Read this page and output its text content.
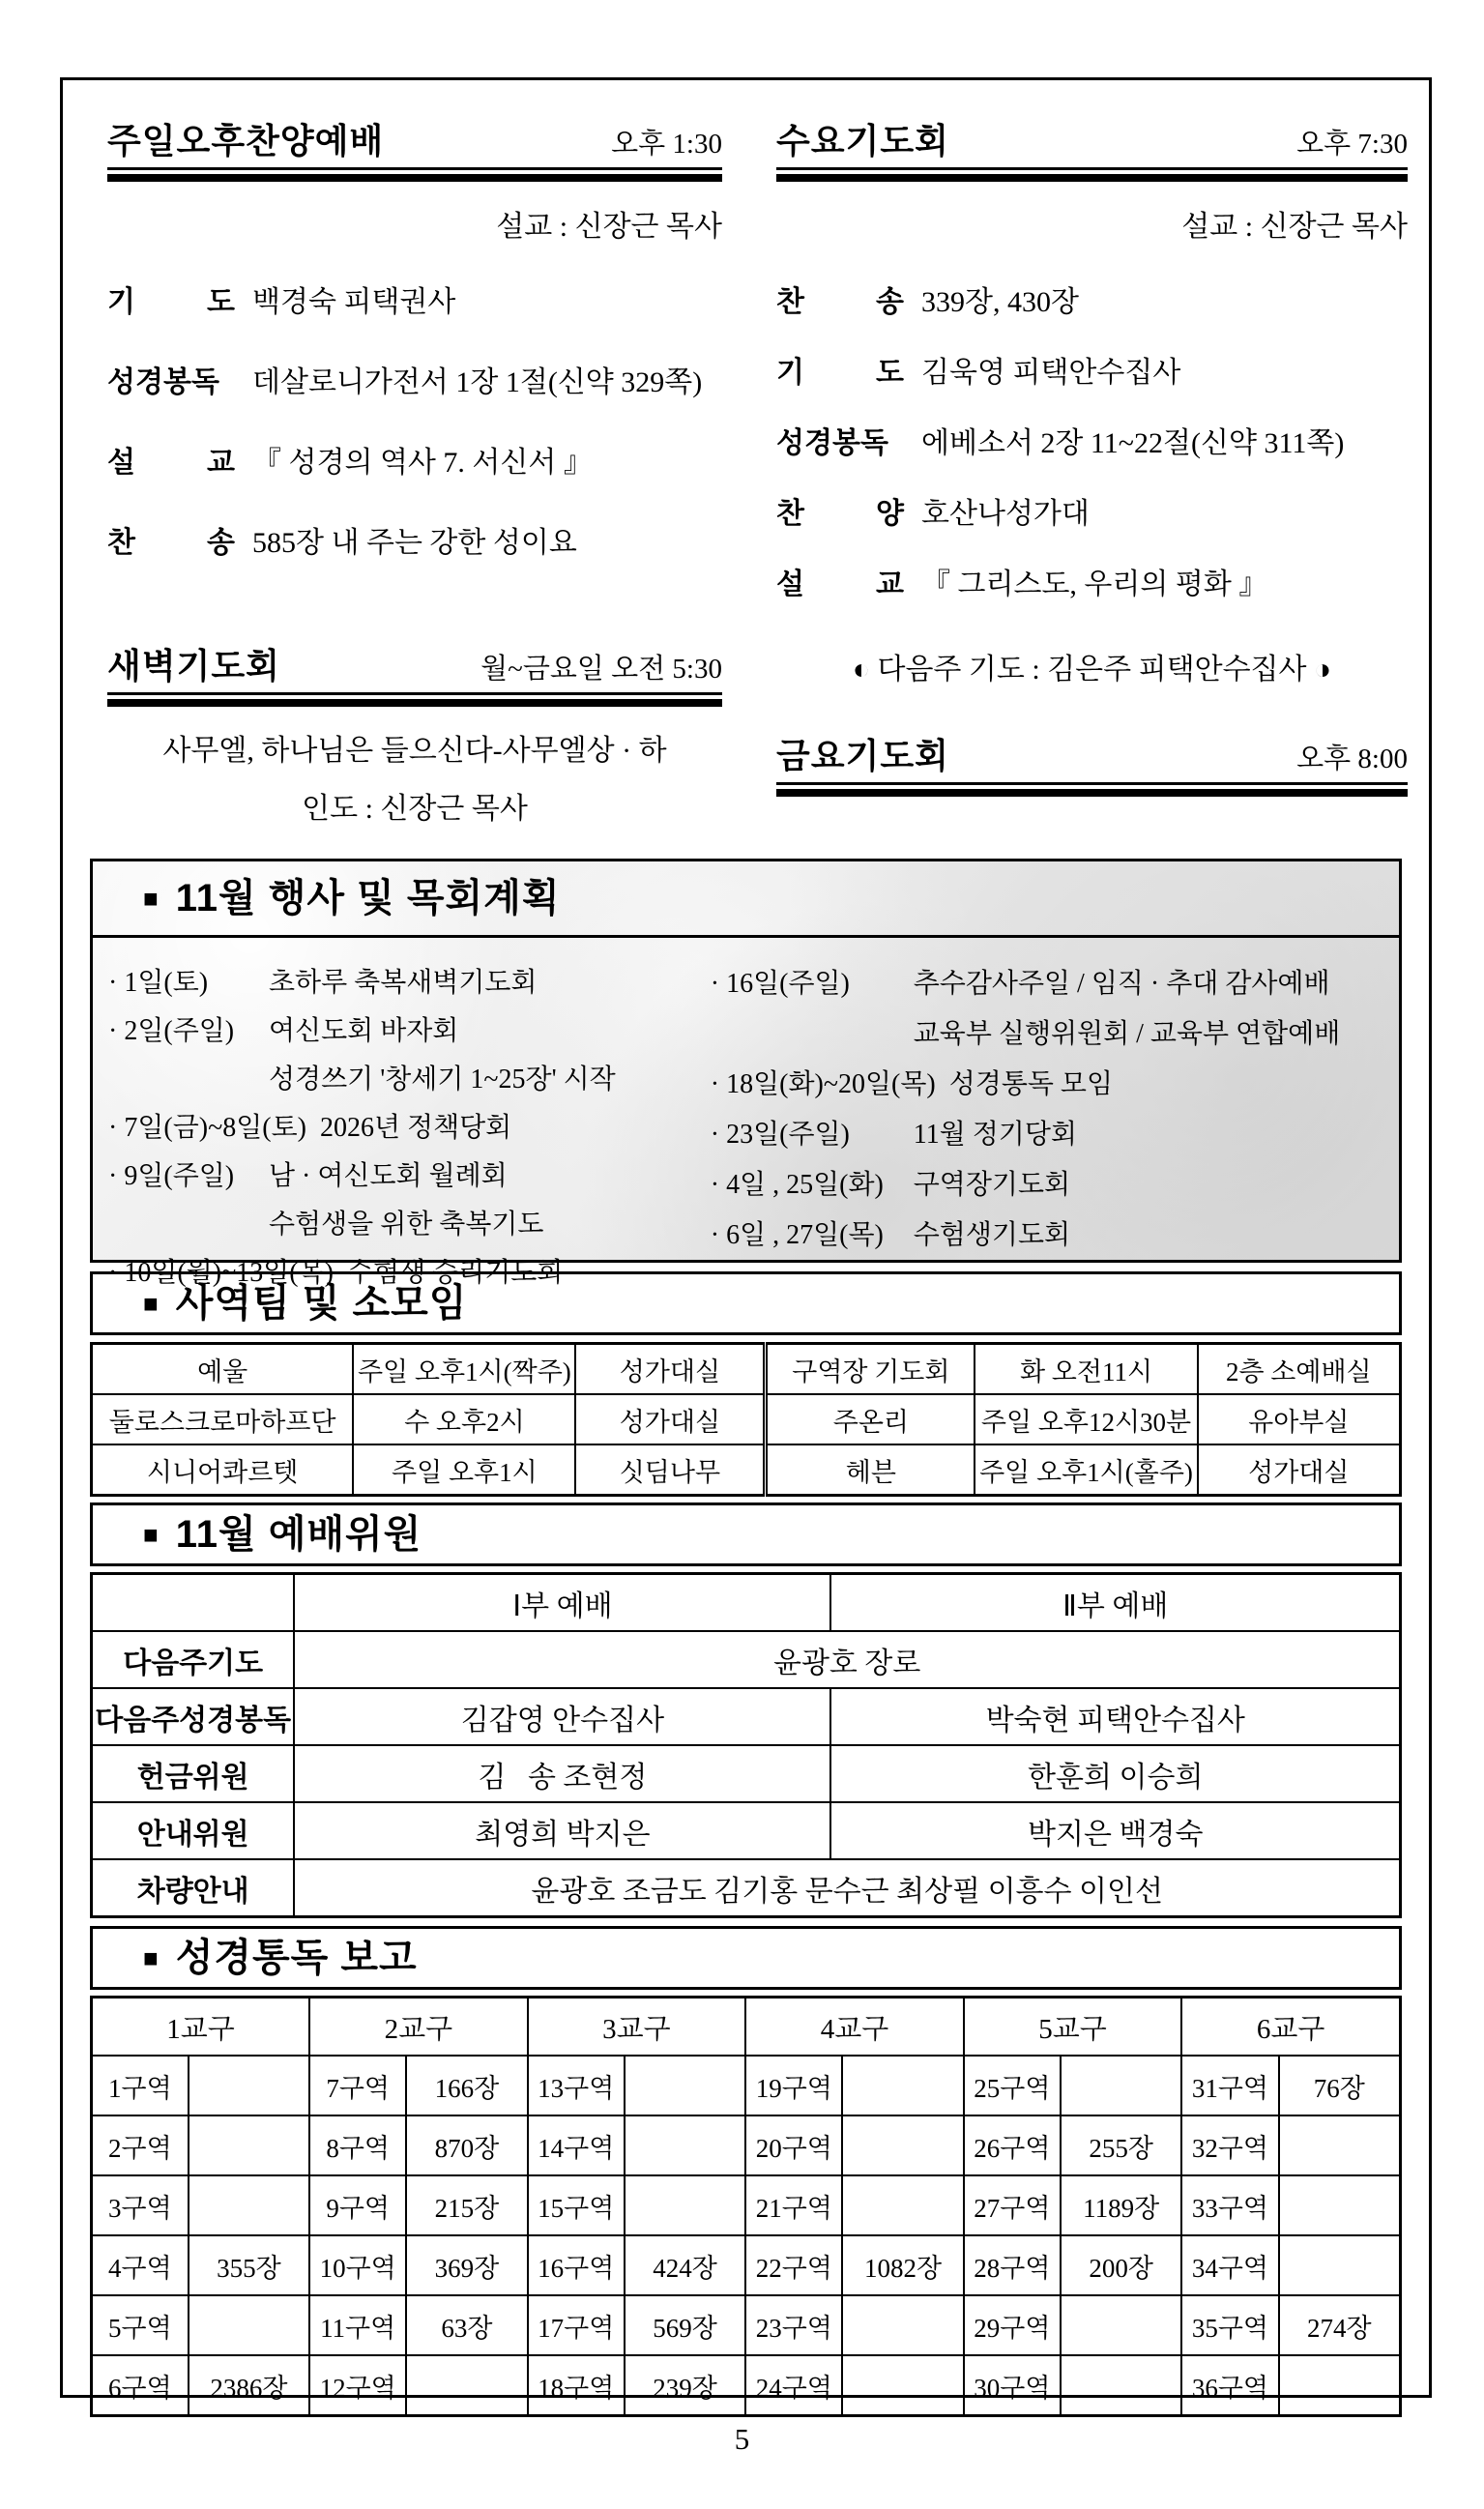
주일오후찬양예배	오후 1:30
설교 : 신장근 목사
기 도 백경숙 피택권사
성경봉독 데살로니가전서 1장 1절(신약 329쪽)
설 교 『 성경의 역사 7. 서신서 』
찬 송 585장 내 주는 강한 성이요
새벽기도회	월~금요일 오전 5:30
사무엘, 하나님은 들으신다-사무엘상 · 하
인도 : 신장근 목사
수요기도회	오후 7:30
설교 : 신장근 목사
찬 송 339장, 430장
기 도 김욱영 피택안수집사
성경봉독 에베소서 2장 11~22절(신약 311쪽)
찬 양 호산나성가대
설 교 『 그리스도, 우리의 평화 』
◐ 다음주 기도 : 김은주 피택안수집사 ◑
금요기도회	오후 8:00
■ 11월 행사 및 목회계획
· 1일(토)	초하루 축복새벽기도회
· 2일(주일)	여신도회 바자회
성경쓰기 '창세기 1~25장' 시작
· 7일(금)~8일(토) 2026년 정책당회
· 9일(주일)	남 · 여신도회 월례회
수험생을 위한 축복기도
· 10일(월)~13일(목) 수험생 승리기도회
· 16일(주일)	추수감사주일 / 임직 · 추대 감사예배
교육부 실행위원회 / 교육부 연합예배
· 18일(화)~20일(목) 성경통독 모임
· 23일(주일)	11월 정기당회
· 4일 , 25일(화)	구역장기도회
· 6일 , 27일(목)	수험생기도회
■ 사역팀 및 소모임
예울	주일 오후1시(짝주)	성가대실	구역장 기도회	화 오전11시	2층 소예배실
둘로스크로마하프단	수 오후2시	성가대실	주온리	주일 오후12시30분	유아부실
시니어콰르텟	주일 오후1시	싯딤나무	헤븐	주일 오후1시(홀주)	성가대실
■ 11월 예배위원
	Ⅰ부 예배	Ⅱ부 예배
다음주기도	윤광호 장로	
다음주성경봉독	김갑영 안수집사	박숙현 피택안수집사
헌금위원	김   송 조현정	한훈희 이승희
안내위원	최영희 박지은	박지은 백경숙
차량안내	윤광호 조금도 김기홍 문수근 최상필 이흥수 이인선	
■ 성경통독 보고
1교구		2교구		3교구		4교구		5교구		6교구	
1구역		7구역	166장	13구역		19구역		25구역		31구역	76장
2구역		8구역	870장	14구역		20구역		26구역	255장	32구역	
3구역		9구역	215장	15구역		21구역		27구역	1189장	33구역	
4구역	355장	10구역	369장	16구역	424장	22구역	1082장	28구역	200장	34구역	
5구역		11구역	63장	17구역	569장	23구역		29구역		35구역	274장
6구역	2386장	12구역		18구역	239장	24구역		30구역		36구역	
5
